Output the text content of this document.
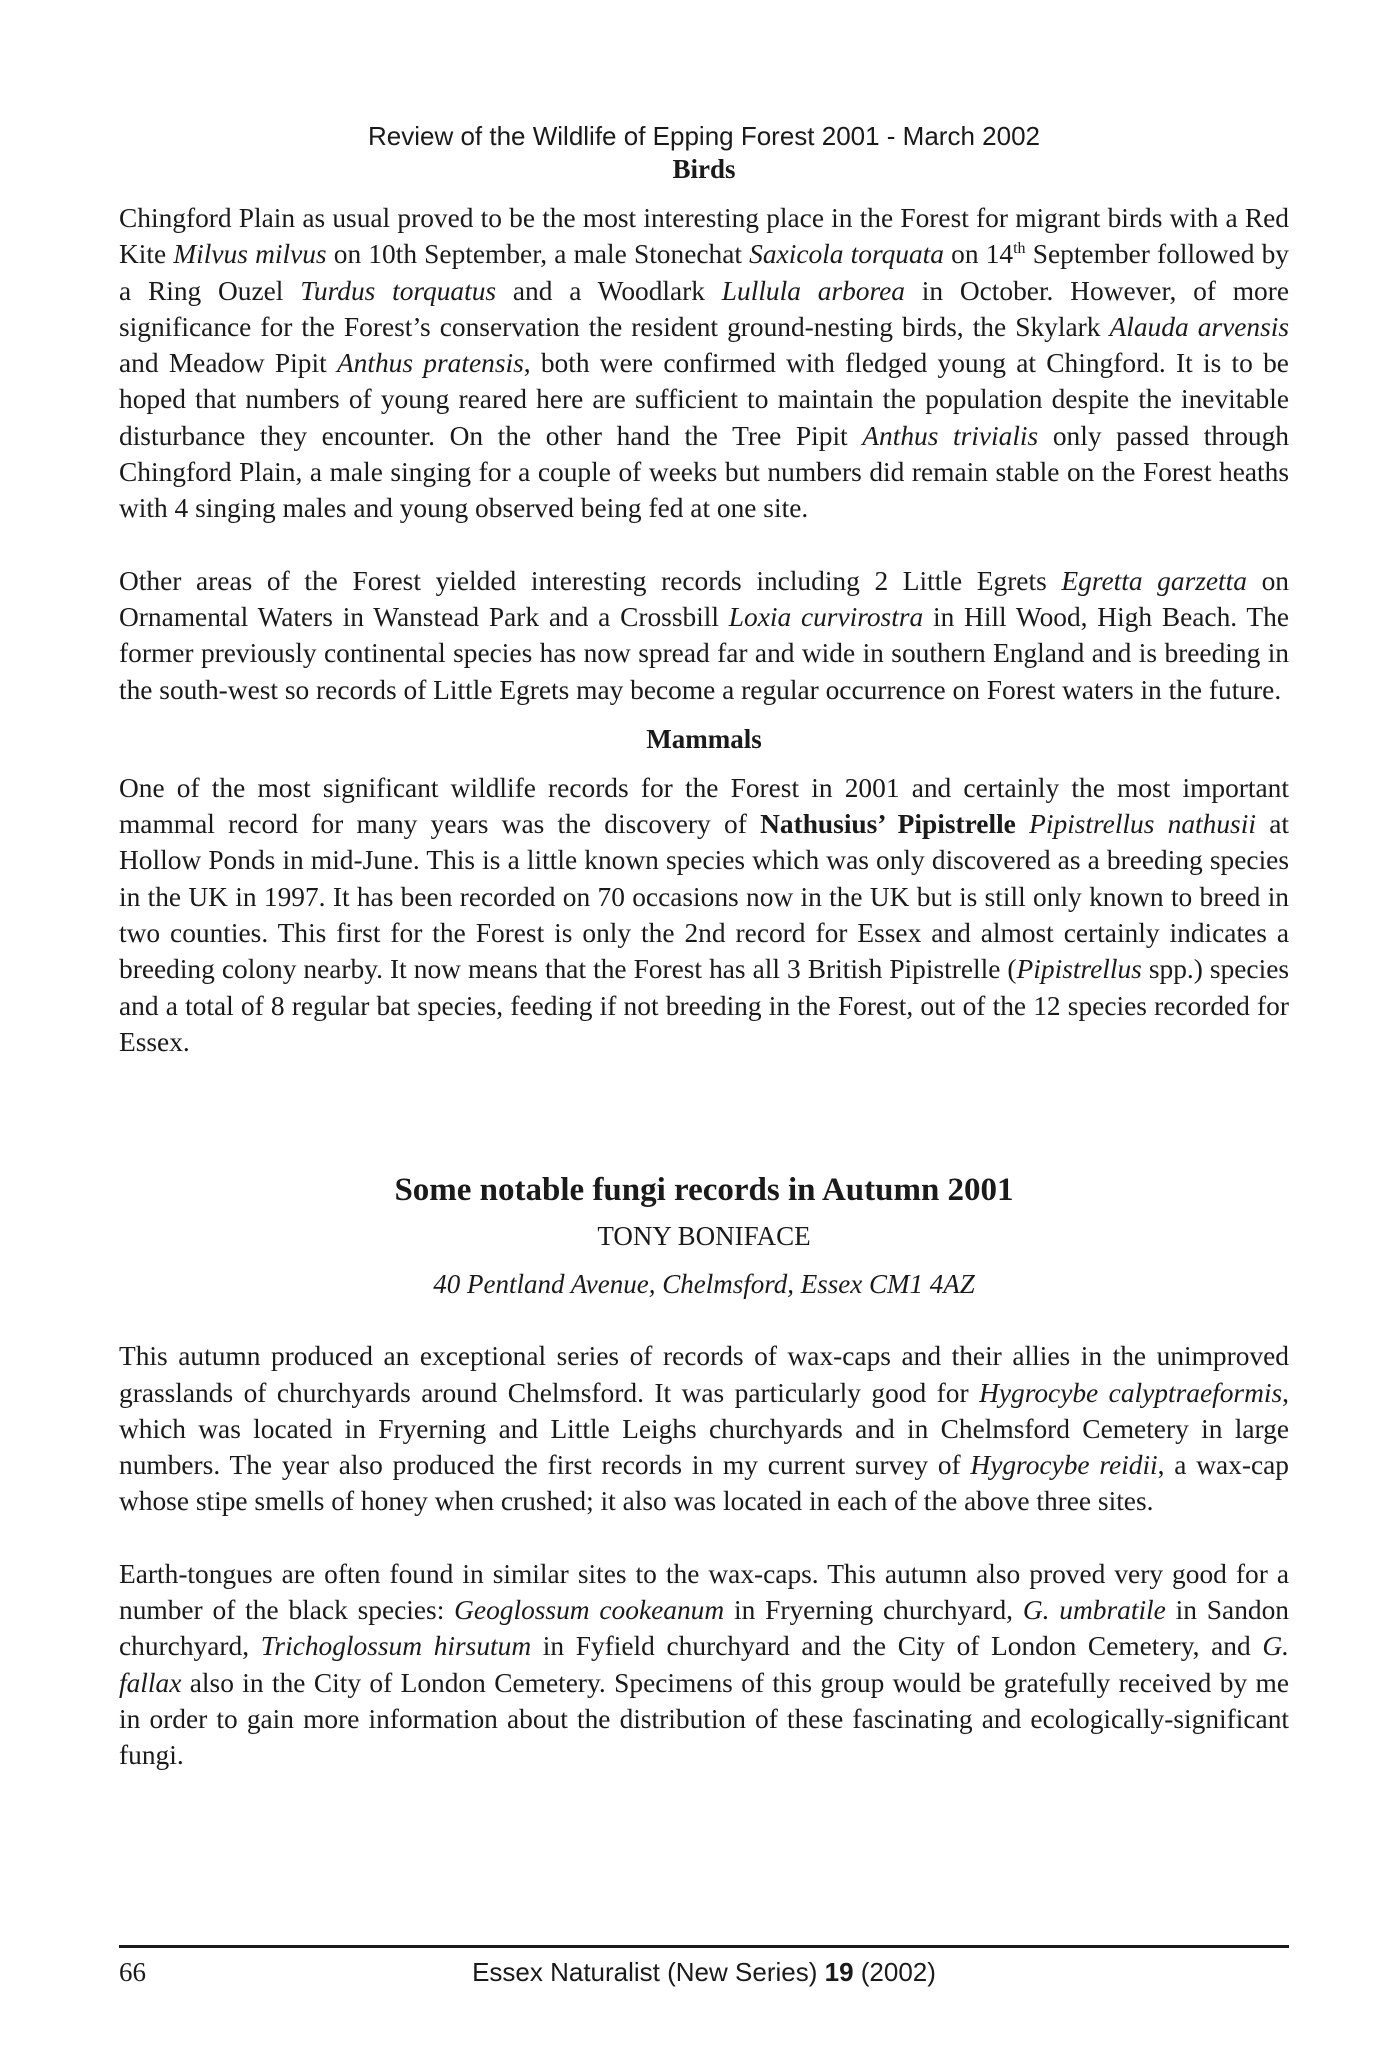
Review of the Wildlife of Epping Forest 2001 - March 2002

Birds

Chingford Plain as usual proved to be the most interesting place in the Forest for migrant birds with a Red Kite Milvus milvus on 10th September, a male Stonechat Saxicola torquata on 14th September followed by a Ring Ouzel Turdus torquatus and a Woodlark Lullula arborea in October. However, of more significance for the Forest’s conservation the resident ground-nesting birds, the Skylark Alauda arvensis and Meadow Pipit Anthus pratensis, both were confirmed with fledged young at Chingford. It is to be hoped that numbers of young reared here are sufficient to maintain the population despite the inevitable disturbance they encounter. On the other hand the Tree Pipit Anthus trivialis only passed through Chingford Plain, a male singing for a couple of weeks but numbers did remain stable on the Forest heaths with 4 singing males and young observed being fed at one site.

Other areas of the Forest yielded interesting records including 2 Little Egrets Egretta garzetta on Ornamental Waters in Wanstead Park and a Crossbill Loxia curvirostra in Hill Wood, High Beach. The former previously continental species has now spread far and wide in southern England and is breeding in the south-west so records of Little Egrets may become a regular occurrence on Forest waters in the future.

Mammals

One of the most significant wildlife records for the Forest in 2001 and certainly the most important mammal record for many years was the discovery of Nathusius’ Pipistrelle Pipistrellus nathusii at Hollow Ponds in mid-June. This is a little known species which was only discovered as a breeding species in the UK in 1997. It has been recorded on 70 occasions now in the UK but is still only known to breed in two counties. This first for the Forest is only the 2nd record for Essex and almost certainly indicates a breeding colony nearby. It now means that the Forest has all 3 British Pipistrelle (Pipistrellus spp.) species and a total of 8 regular bat species, feeding if not breeding in the Forest, out of the 12 species recorded for Essex.

Some notable fungi records in Autumn 2001

TONY BONIFACE

40 Pentland Avenue, Chelmsford, Essex CM1 4AZ

This autumn produced an exceptional series of records of wax-caps and their allies in the unimproved grasslands of churchyards around Chelmsford. It was particularly good for Hygrocybe calyptraeformis, which was located in Fryerning and Little Leighs churchyards and in Chelmsford Cemetery in large numbers. The year also produced the first records in my current survey of Hygrocybe reidii, a wax-cap whose stipe smells of honey when crushed; it also was located in each of the above three sites.

Earth-tongues are often found in similar sites to the wax-caps. This autumn also proved very good for a number of the black species: Geoglossum cookeanum in Fryerning churchyard, G. umbratile in Sandon churchyard, Trichoglossum hirsutum in Fyfield churchyard and the City of London Cemetery, and G. fallax also in the City of London Cemetery. Specimens of this group would be gratefully received by me in order to gain more information about the distribution of these fascinating and ecologically-significant fungi.

66	Essex Naturalist (New Series) 19 (2002)
